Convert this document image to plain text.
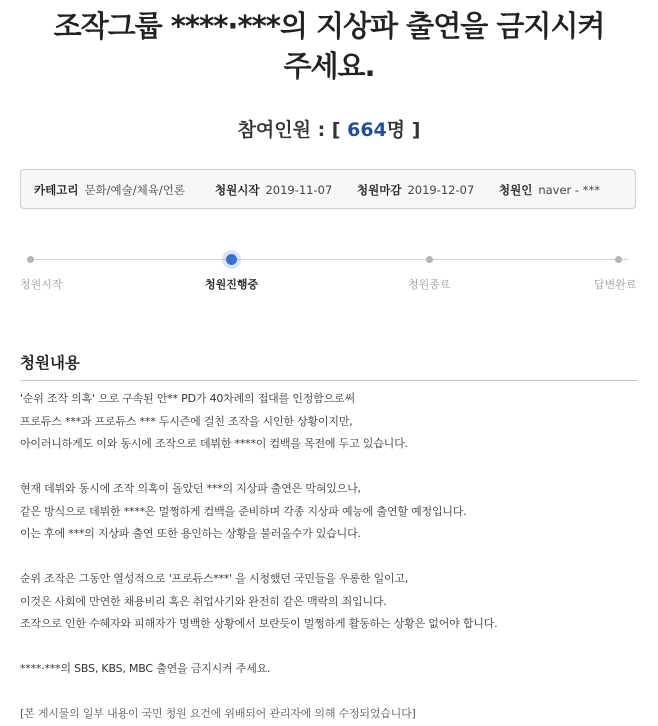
조작그룹 ****·***의 지상파 출연을 금지시켜
주세요.
참여인원 : [ 664명 ]
카테고리 문화/예술/체육/언론	청원시작 2019-11-07 청원마감 2019-12-07 청원인 naver - ***
청원시작	청원진행중	청원종료	답변완료
청원내용
'순위 조작 의혹' 으로 구속된 안** PD가 40차례의 접대를 인정함으로써
프로듀스 ***과 프로듀스 *** 두시즌에 걸친 조작을 시인한 상황이지만,
아이러니하게도 이와 동시에 조작으로 데뷔한 ****이 컴백을 목전에 두고 있습니다.
현재 데뷔와 동시에 조작 의혹이 돌았던 ***의 지상파 출연은 막혀있으나,
같은 방식으로 데뷔한 ****은 멀쩡하게 컴백을 준비하며 각종 지상파 예능에 출연할 예정입니다.
이는 후에 ***의 지상파 출연 또한 용인하는 상황을 불러올수가 있습니다.
순위 조작은 그동안 열성적으로 '프로듀스***' 을 시청했던 국민들을 우롱한 일이고,
이것은 사회에 만연한 채용비리 혹은 취업사기와 완전히 같은 맥락의 죄입니다.
조작으로 인한 수혜자와 피해자가 명백한 상황에서 보란듯이 멀쩡하게 활동하는 상황은 없어야 합니다.
****·***의 SBS, KBS, MBC 출연을 금지시켜 주세요.
[본 게시물의 일부 내용이 국민 청원 요건에 위배되어 관리자에 의해 수정되었습니다]
